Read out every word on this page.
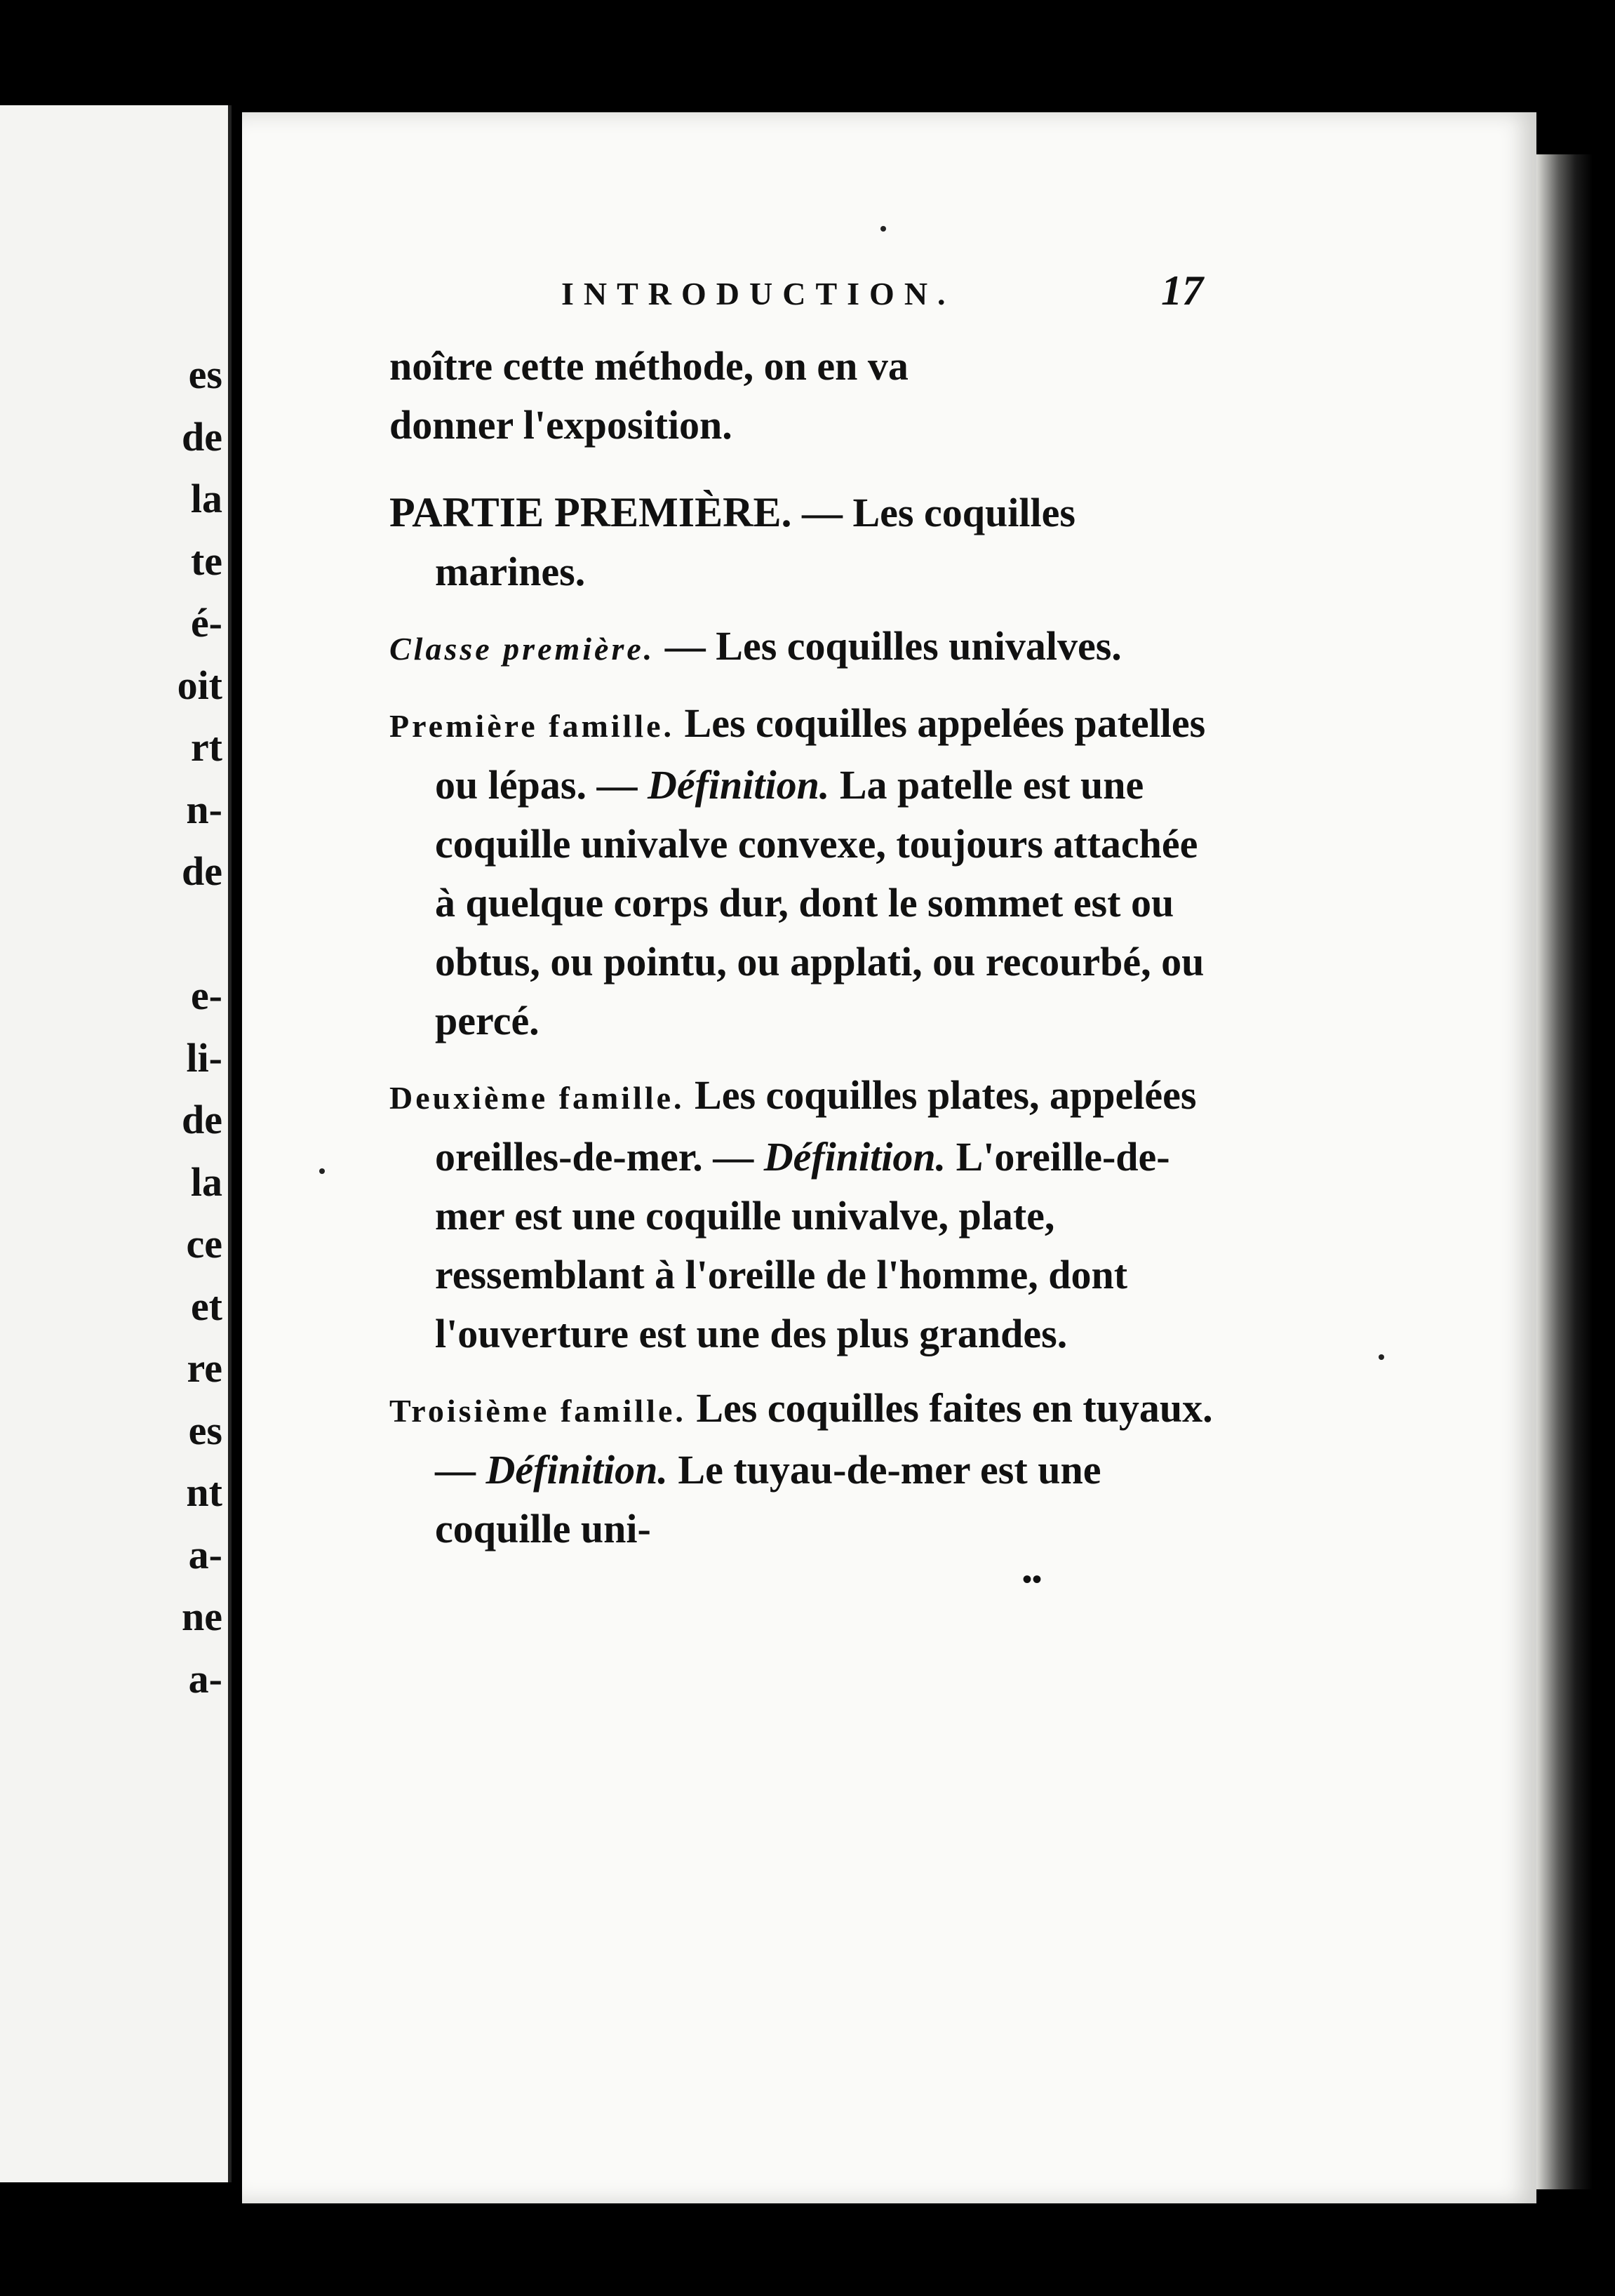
es
de
la
te
é-
oit
rt
n-
de

e-
li-
de
la
ce
et
re
es
nt
a-
ne
a-
INTRODUCTION.	17
noître cette méthode, on en va
donner l'exposition.
PARTIE PREMIÈRE. — Les coquilles marines.
Classe première. — Les coquilles univalves.
Première famille. Les coquilles appelées patelles ou lépas. — Définition. La patelle est une coquille univalve convexe, toujours attachée à quelque corps dur, dont le sommet est ou obtus, ou pointu, ou applati, ou recourbé, ou percé.
Deuxième famille. Les coquilles plates, appelées oreilles-de-mer. — Définition. L'oreille-de-mer est une coquille univalve, plate, ressemblant à l'oreille de l'homme, dont l'ouverture est une des plus grandes.
Troisième famille. Les coquilles faites en tuyaux. — Définition. Le tuyau-de-mer est une coquille uni-
••
